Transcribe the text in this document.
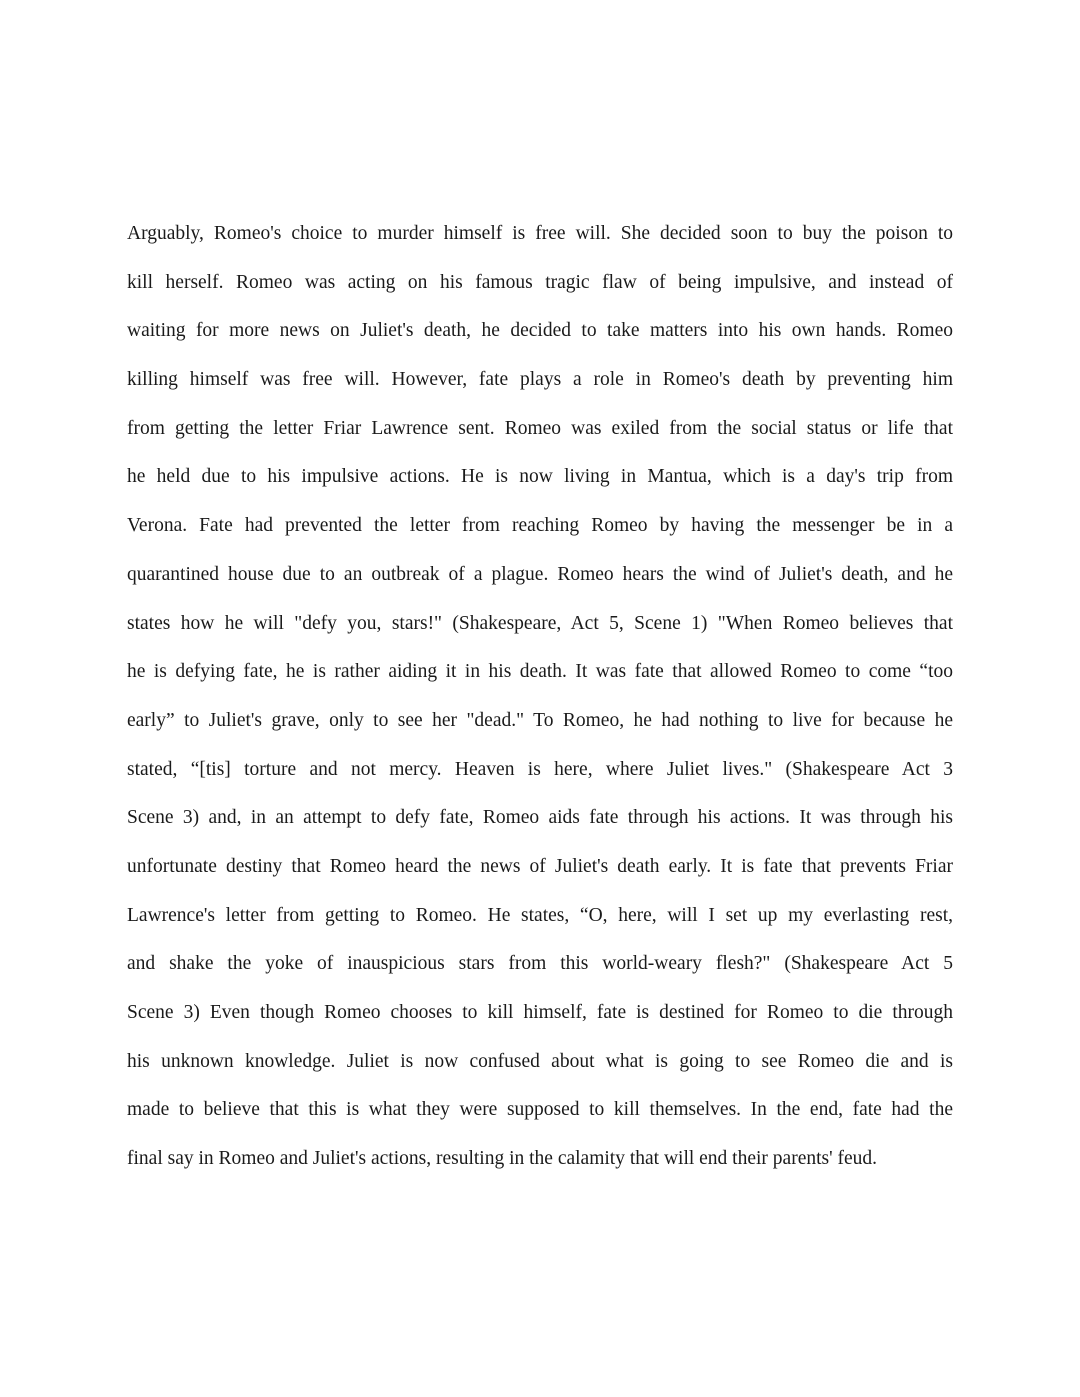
Arguably, Romeo's choice to murder himself is free will. She decided soon to buy the poison to
kill herself. Romeo was acting on his famous tragic flaw of being impulsive, and instead of
waiting for more news on Juliet's death, he decided to take matters into his own hands. Romeo
killing himself was free will. However, fate plays a role in Romeo's death by preventing him
from getting the letter Friar Lawrence sent. Romeo was exiled from the social status or life that
he held due to his impulsive actions. He is now living in Mantua, which is a day's trip from
Verona. Fate had prevented the letter from reaching Romeo by having the messenger be in a
quarantined house due to an outbreak of a plague. Romeo hears the wind of Juliet's death, and he
states how he will "defy you, stars!" (Shakespeare, Act 5, Scene 1) "When Romeo believes that
he is defying fate, he is rather aiding it in his death. It was fate that allowed Romeo to come “too
early” to Juliet's grave, only to see her "dead." To Romeo, he had nothing to live for because he
stated, “[tis] torture and not mercy. Heaven is here, where Juliet lives." (Shakespeare Act 3
Scene 3) and, in an attempt to defy fate, Romeo aids fate through his actions. It was through his
unfortunate destiny that Romeo heard the news of Juliet's death early. It is fate that prevents Friar
Lawrence's letter from getting to Romeo. He states, “O, here, will I set up my everlasting rest,
and shake the yoke of inauspicious stars from this world-weary flesh?" (Shakespeare Act 5
Scene 3) Even though Romeo chooses to kill himself, fate is destined for Romeo to die through
his unknown knowledge. Juliet is now confused about what is going to see Romeo die and is
made to believe that this is what they were supposed to kill themselves. In the end, fate had the
final say in Romeo and Juliet's actions, resulting in the calamity that will end their parents' feud.
